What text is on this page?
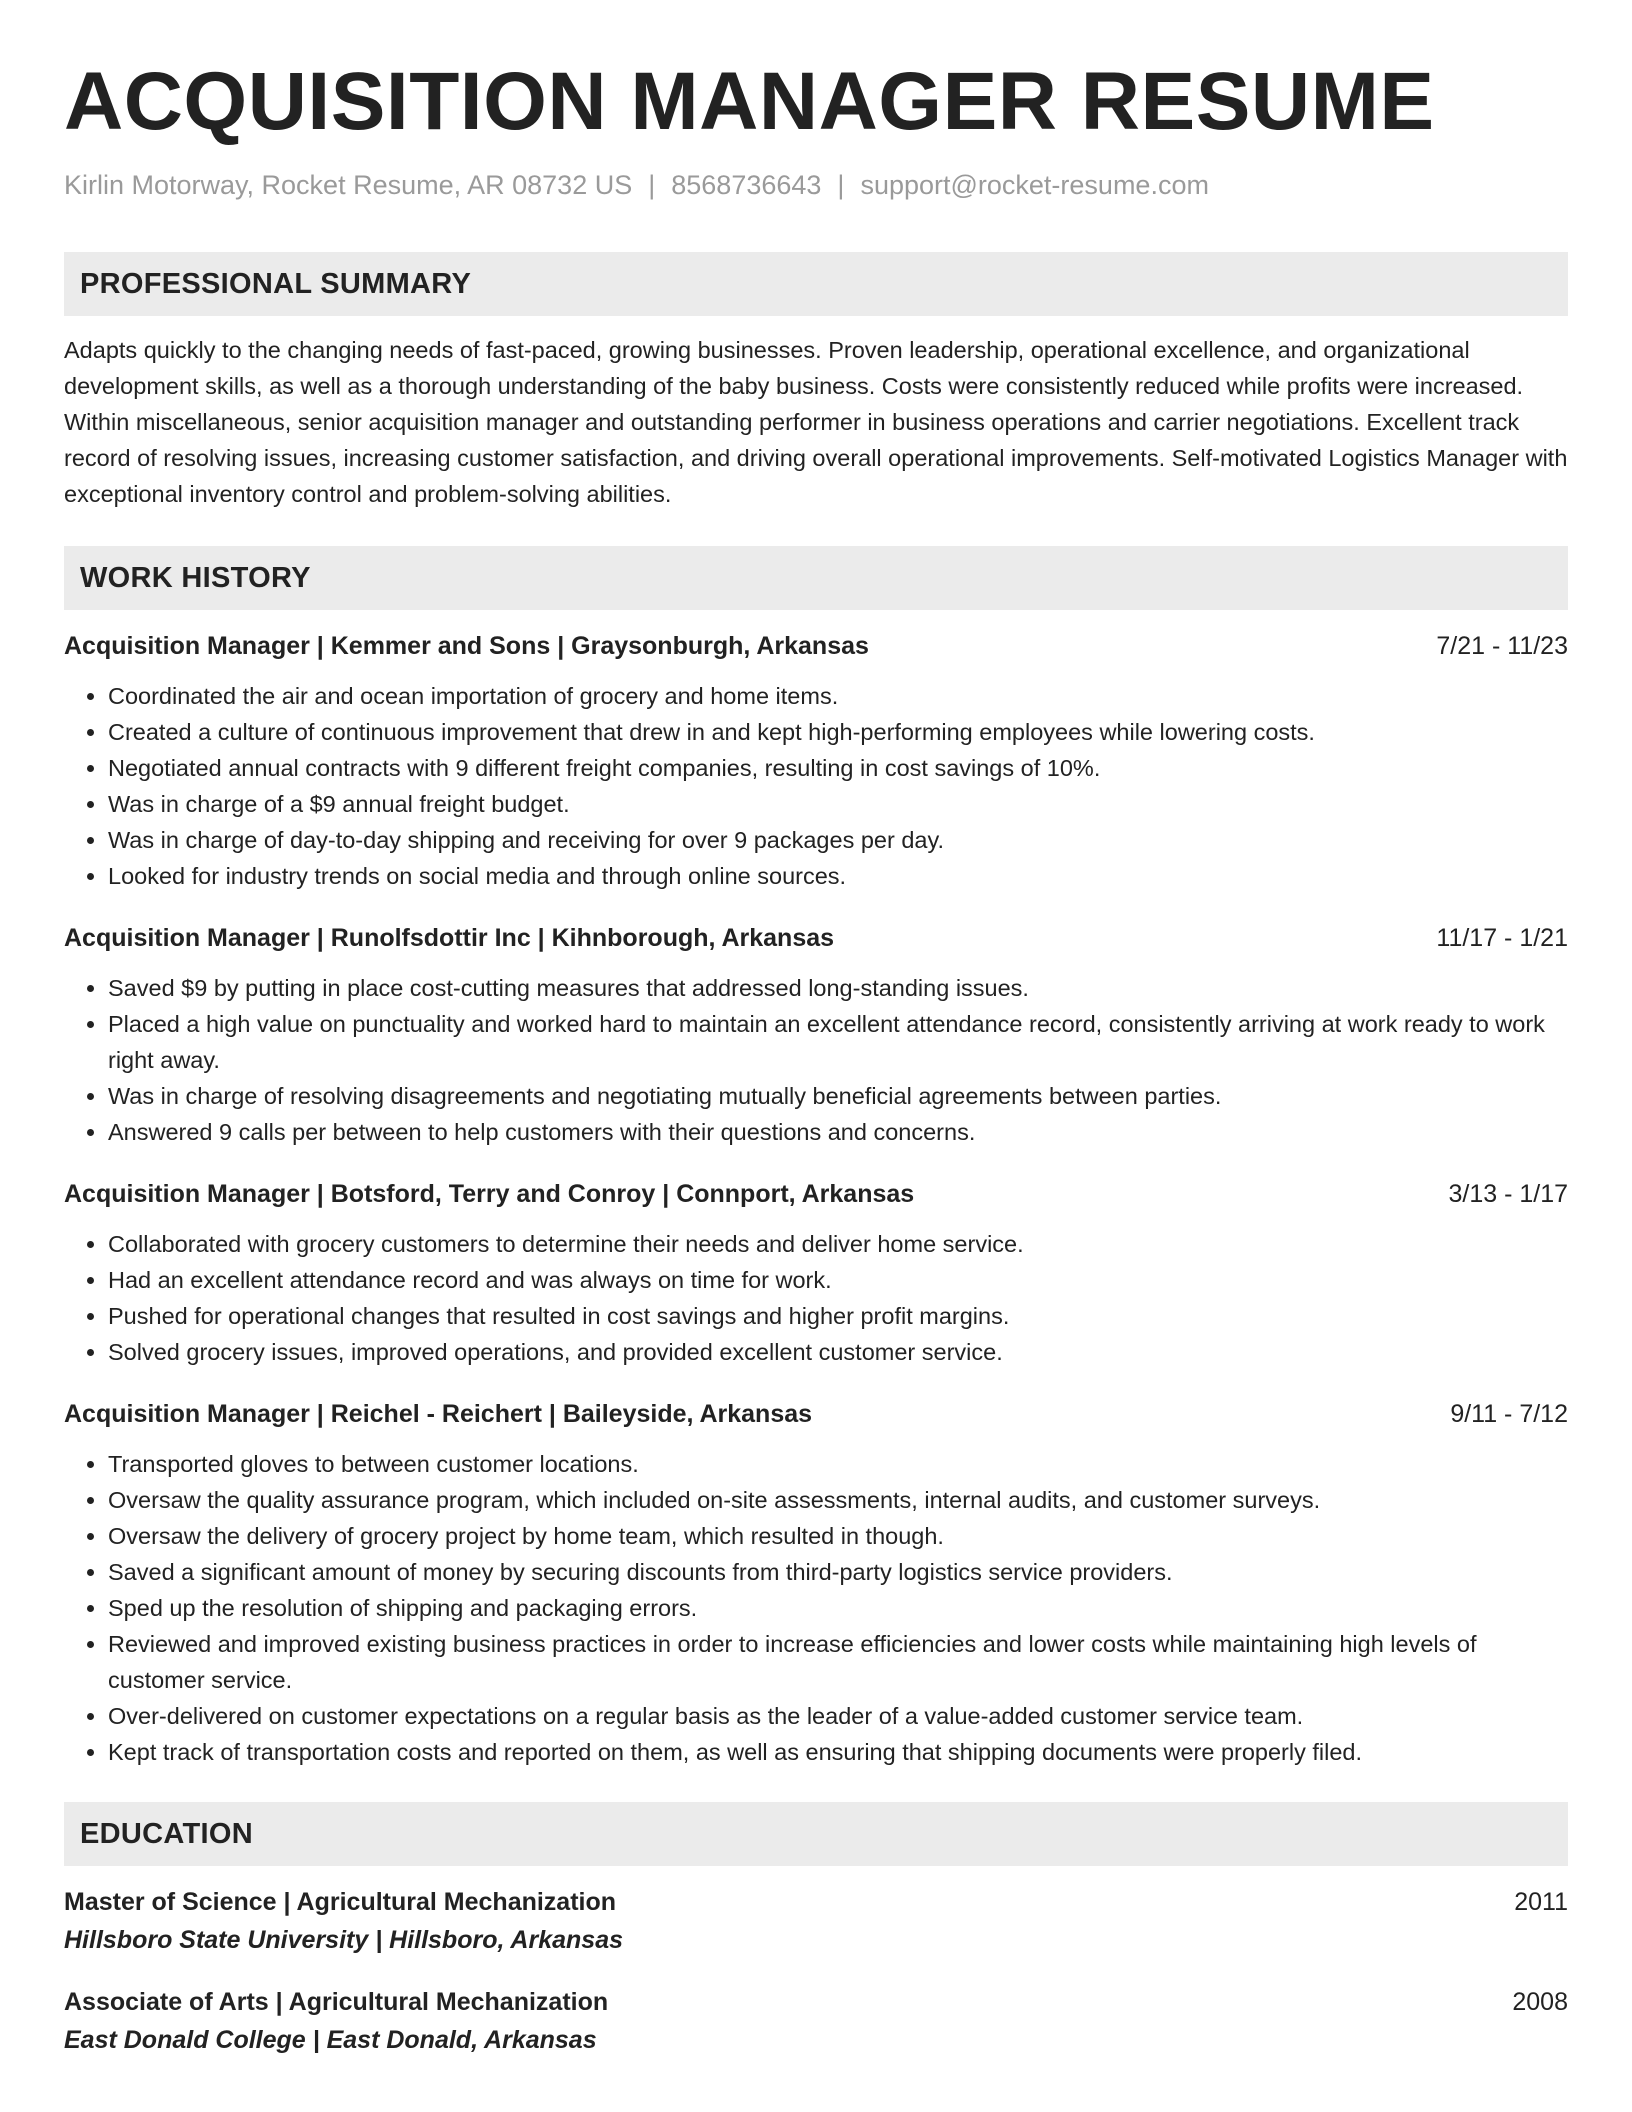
ACQUISITION MANAGER RESUME
Kirlin Motorway, Rocket Resume, AR 08732 US | 8568736643 | support@rocket-resume.com
PROFESSIONAL SUMMARY

Adapts quickly to the changing needs of fast-paced, growing businesses. Proven leadership, operational excellence, and organizational development skills, as well as a thorough understanding of the baby business. Costs were consistently reduced while profits were increased. Within miscellaneous, senior acquisition manager and outstanding performer in business operations and carrier negotiations. Excellent track record of resolving issues, increasing customer satisfaction, and driving overall operational improvements. Self-motivated Logistics Manager with exceptional inventory control and problem-solving abilities.

WORK HISTORY
Acquisition Manager | Kemmer and Sons | Graysonburgh, Arkansas	7/21 - 11/23
• Coordinated the air and ocean importation of grocery and home items.
• Created a culture of continuous improvement that drew in and kept high-performing employees while lowering costs.
• Negotiated annual contracts with 9 different freight companies, resulting in cost savings of 10%.
• Was in charge of a $9 annual freight budget.
• Was in charge of day-to-day shipping and receiving for over 9 packages per day.
• Looked for industry trends on social media and through online sources.
Acquisition Manager | Runolfsdottir Inc | Kihnborough, Arkansas	11/17 - 1/21
• Saved $9 by putting in place cost-cutting measures that addressed long-standing issues.
• Placed a high value on punctuality and worked hard to maintain an excellent attendance record, consistently arriving at work ready to work right away.
• Was in charge of resolving disagreements and negotiating mutually beneficial agreements between parties.
• Answered 9 calls per between to help customers with their questions and concerns.
Acquisition Manager | Botsford, Terry and Conroy | Connport, Arkansas	3/13 - 1/17
• Collaborated with grocery customers to determine their needs and deliver home service.
• Had an excellent attendance record and was always on time for work.
• Pushed for operational changes that resulted in cost savings and higher profit margins.
• Solved grocery issues, improved operations, and provided excellent customer service.
Acquisition Manager | Reichel - Reichert | Baileyside, Arkansas	9/11 - 7/12
• Transported gloves to between customer locations.
• Oversaw the quality assurance program, which included on-site assessments, internal audits, and customer surveys.
• Oversaw the delivery of grocery project by home team, which resulted in though.
• Saved a significant amount of money by securing discounts from third-party logistics service providers.
• Sped up the resolution of shipping and packaging errors.
• Reviewed and improved existing business practices in order to increase efficiencies and lower costs while maintaining high levels of customer service.
• Over-delivered on customer expectations on a regular basis as the leader of a value-added customer service team.
• Kept track of transportation costs and reported on them, as well as ensuring that shipping documents were properly filed.
EDUCATION
Master of Science | Agricultural Mechanization	2011
Hillsboro State University | Hillsboro, Arkansas
Associate of Arts | Agricultural Mechanization	2008
East Donald College | East Donald, Arkansas
